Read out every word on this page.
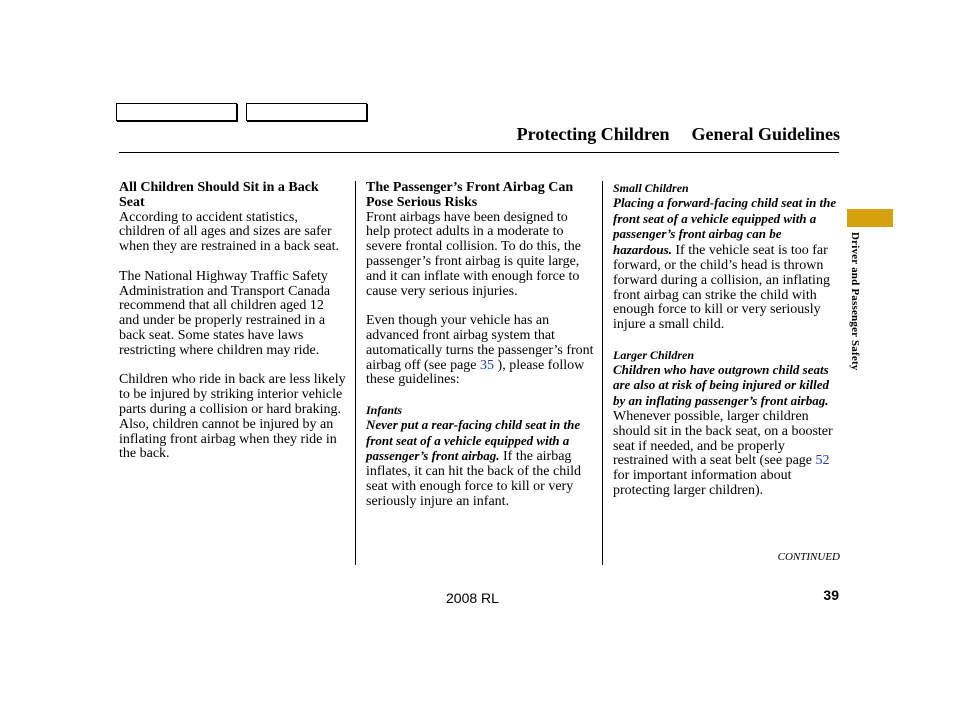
Protecting Children General Guidelines
All Children Should Sit in a Back Seat

According to accident statistics, children of all ages and sizes are safer when they are restrained in a back seat.

The National Highway Traffic Safety Administration and Transport Canada recommend that all children aged 12 and under be properly restrained in a back seat. Some states have laws restricting where children may ride.

Children who ride in back are less likely to be injured by striking interior vehicle parts during a collision or hard braking. Also, children cannot be injured by an inflating front airbag when they ride in the back.

The Passenger’s Front Airbag Can Pose Serious Risks

Front airbags have been designed to help protect adults in a moderate to severe frontal collision. To do this, the passenger’s front airbag is quite large, and it can inflate with enough force to cause very serious injuries.

Even though your vehicle has an advanced front airbag system that automatically turns the passenger’s front airbag off (see page 35 ), please follow these guidelines:

Infants

Never put a rear-facing child seat in the front seat of a vehicle equipped with a passenger’s front airbag. If the airbag inflates, it can hit the back of the child seat with enough force to kill or very seriously injure an infant.

Small Children

Placing a forward-facing child seat in the front seat of a vehicle equipped with a passenger’s front airbag can be hazardous. If the vehicle seat is too far forward, or the child’s head is thrown forward during a collision, an inflating front airbag can strike the child with enough force to kill or very seriously injure a small child.

Larger Children

Children who have outgrown child seats are also at risk of being injured or killed by an inflating passenger’s front airbag. Whenever possible, larger children should sit in the back seat, on a booster seat if needed, and be properly restrained with a seat belt (see page 52 for important information about protecting larger children).

Driver and Passenger Safety
CONTINUED
2008 RL	39
